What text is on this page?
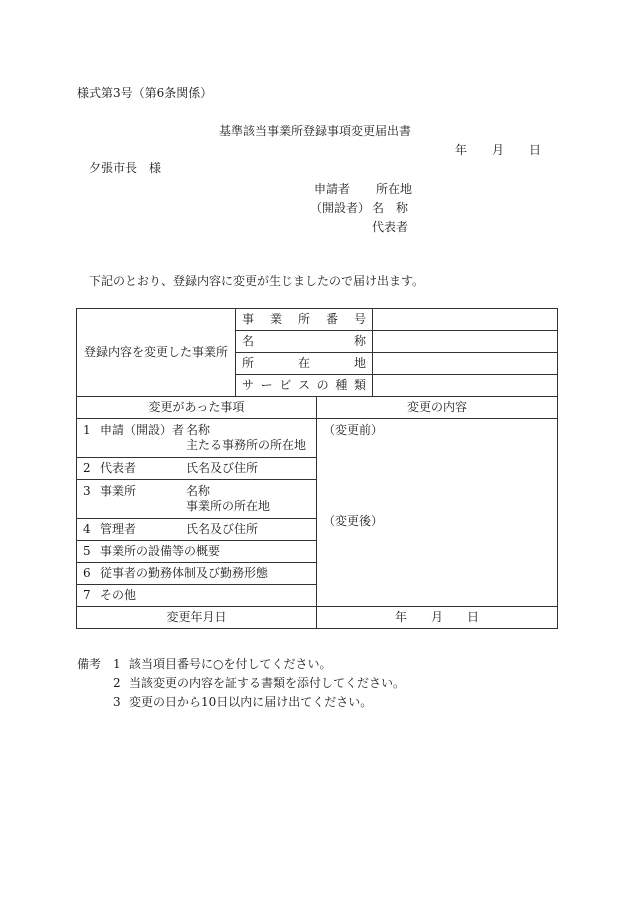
様式第3号（第6条関係）
基準該当事業所登録事項変更届出書
年 月 日
夕張市長　様
申請者 所在地
（開設者） 名　称
代表者
下記のとおり、登録内容に変更が生じましたので届け出ます。
登録内容を変更した事業所	事業所番号		
	名称		
	所在地		
	サービスの種類		
変更があった事項		変更の内容	
1 申請（開設）者 名称
主たる事務所の所在地		（変更前）
（変更後）	

2 代表者 氏名及び住所			
3 事業所 名称
事業所の所在地			
4 管理者 氏名及び住所			
5 事業所の設備等の概要			
6 従事者の勤務体制及び勤務形態			
7 その他			
変更年月日		年　　月　　日	
備考 1 該当項目番号に○を付してください。
2 当該変更の内容を証する書類を添付してください。
3 変更の日から10日以内に届け出てください。
